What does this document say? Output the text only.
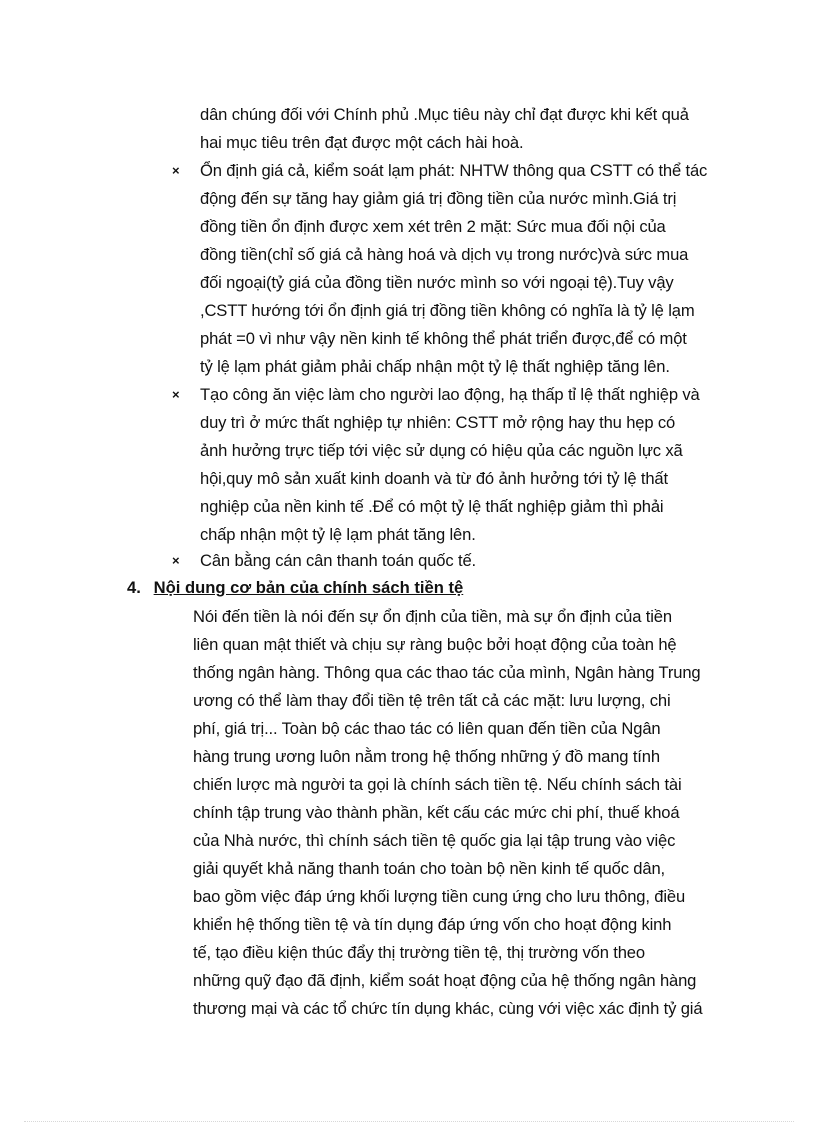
dân chúng đối với Chính phủ .Mục tiêu này chỉ đạt được khi kết quả
hai mục tiêu trên đạt được một cách hài hoà.
× Ổn định giá cả, kiểm soát lạm phát: NHTW thông qua CSTT có thể tác
động đến sự tăng hay giảm giá trị đồng tiền của nước mình.Giá trị
đồng tiền ổn định được xem xét trên 2 mặt: Sức mua đối nội của
đồng tiền(chỉ số giá cả hàng hoá và dịch vụ trong nước)và sức mua
đối ngoại(tỷ giá của đồng tiền nước mình so với ngoại tệ).Tuy vậy
,CSTT hướng tới ổn định giá trị đồng tiền không có nghĩa là tỷ lệ lạm
phát =0 vì như vậy nền kinh tế không thể phát triển được,để có một
tỷ lệ lạm phát giảm phải chấp nhận một tỷ lệ thất nghiệp tăng lên.
× Tạo công ăn việc làm cho người lao động, hạ thấp tỉ lệ thất nghiệp và
duy trì ở mức thất nghiệp tự nhiên: CSTT mở rộng hay thu hẹp có
ảnh hưởng trực tiếp tới việc sử dụng có hiệu qủa các nguồn lực xã
hội,quy mô sản xuất kinh doanh và từ đó ảnh hưởng tới tỷ lệ thất
nghiệp của nền kinh tế .Để có một tỷ lệ thất nghiệp giảm thì phải
chấp nhận một tỷ lệ lạm phát tăng lên.
× Cân bằng cán cân thanh toán quốc tế.
4. Nội dung cơ bản của chính sách tiền tệ
Nói đến tiền là nói đến sự ổn định của tiền, mà sự ổn định của tiền
liên quan mật thiết và chịu sự ràng buộc bởi hoạt động của toàn hệ
thống ngân hàng. Thông qua các thao tác của mình, Ngân hàng Trung
ương có thể làm thay đổi tiền tệ trên tất cả các mặt: lưu lượng, chi
phí, giá trị... Toàn bộ các thao tác có liên quan đến tiền của Ngân
hàng trung ương luôn nằm trong hệ thống những ý đồ mang tính
chiến lược mà người ta gọi là chính sách tiền tệ. Nếu chính sách tài
chính tập trung vào thành phần, kết cấu các mức chi phí, thuế khoá
của Nhà nước, thì chính sách tiền tệ quốc gia lại tập trung vào việc
giải quyết khả năng thanh toán cho toàn bộ nền kinh tế quốc dân,
bao gồm việc đáp ứng khối lượng tiền cung ứng cho lưu thông, điều
khiển hệ thống tiền tệ và tín dụng đáp ứng vốn cho hoạt động kinh
tế, tạo điều kiện thúc đẩy thị trường tiền tệ, thị trường vốn theo
những quỹ đạo đã định, kiểm soát hoạt động của hệ thống ngân hàng
thương mại và các tổ chức tín dụng khác, cùng với việc xác định tỷ giá
